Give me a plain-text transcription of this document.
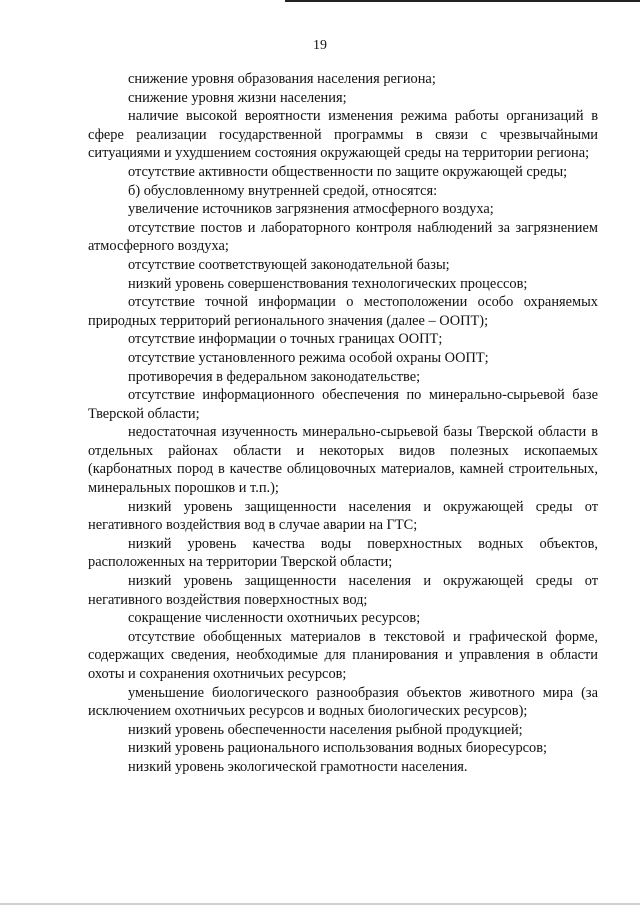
19

снижение уровня образования населения региона;

снижение уровня жизни населения;

наличие высокой вероятности изменения режима работы организаций в сфере реализации государственной программы в связи с чрезвычайными ситуациями и ухудшением состояния окружающей среды на территории региона;

отсутствие активности общественности по защите окружающей среды;

б) обусловленному внутренней средой, относятся:

увеличение источников загрязнения атмосферного воздуха;

отсутствие постов и лабораторного контроля наблюдений за загрязнением атмосферного воздуха;

отсутствие соответствующей законодательной базы;

низкий уровень совершенствования технологических процессов;

отсутствие точной информации о местоположении особо охраняемых природных территорий регионального значения (далее – ООПТ);

отсутствие информации о точных границах ООПТ;

отсутствие установленного режима особой охраны ООПТ;

противоречия в федеральном законодательстве;

отсутствие информационного обеспечения по минерально-сырьевой базе Тверской области;

недостаточная изученность минерально-сырьевой базы Тверской области в отдельных районах области и некоторых видов полезных ископаемых (карбонатных пород в качестве облицовочных материалов, камней строительных, минеральных порошков и т.п.);

низкий уровень защищенности населения и окружающей среды от негативного воздействия вод в случае аварии на ГТС;

низкий уровень качества воды поверхностных водных объектов, расположенных на территории Тверской области;

низкий уровень защищенности населения и окружающей среды от негативного воздействия поверхностных вод;

сокращение численности охотничьих ресурсов;

отсутствие обобщенных материалов в текстовой и графической форме, содержащих сведения, необходимые для планирования и управления в области охоты и сохранения охотничьих ресурсов;

уменьшение биологического разнообразия объектов животного мира (за исключением охотничьих ресурсов и водных биологических ресурсов);

низкий уровень обеспеченности населения рыбной продукцией;

низкий уровень рационального использования водных биоресурсов;

низкий уровень экологической грамотности населения.
